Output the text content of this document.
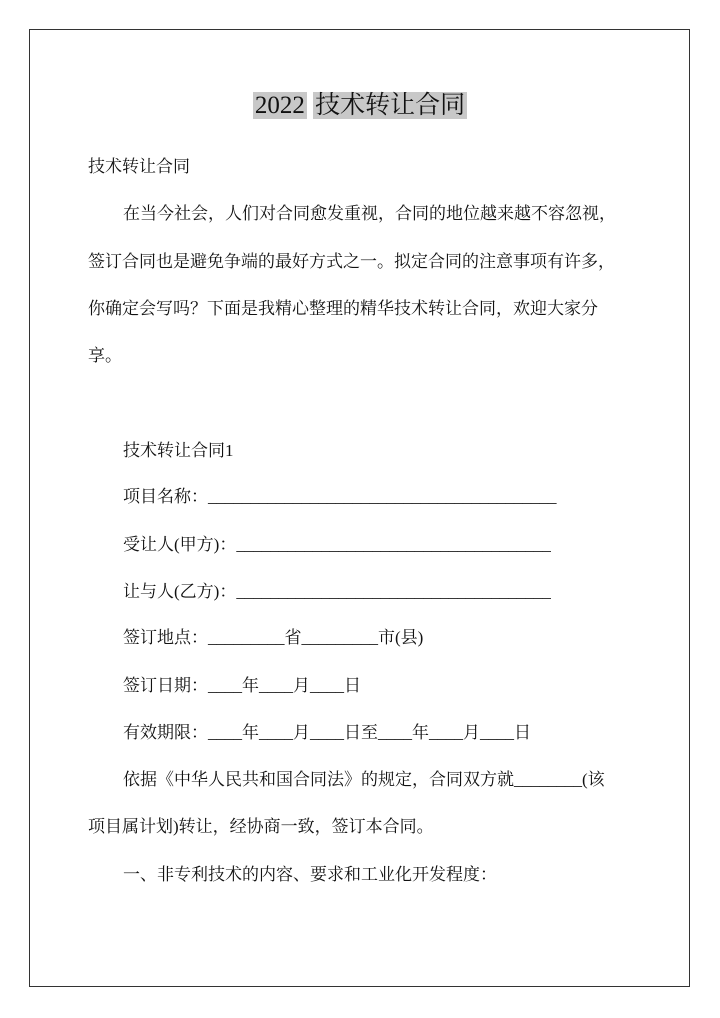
2022 技术转让合同
技术转让合同
在当今社会，人们对合同愈发重视，合同的地位越来越不容忽视，
签订合同也是避免争端的最好方式之一。拟定合同的注意事项有许多，
你确定会写吗？下面是我精心整理的精华技术转让合同，欢迎大家分
享。
技术转让合同1
项目名称：_________________________________________
受让人(甲方)：_____________________________________
让与人(乙方)：_____________________________________
签订地点：_________省_________市(县)
签订日期：____年____月____日
有效期限：____年____月____日至____年____月____日
依据《中华人民共和国合同法》的规定，合同双方就________(该
项目属计划)转让，经协商一致，签订本合同。
一、非专利技术的内容、要求和工业化开发程度：
